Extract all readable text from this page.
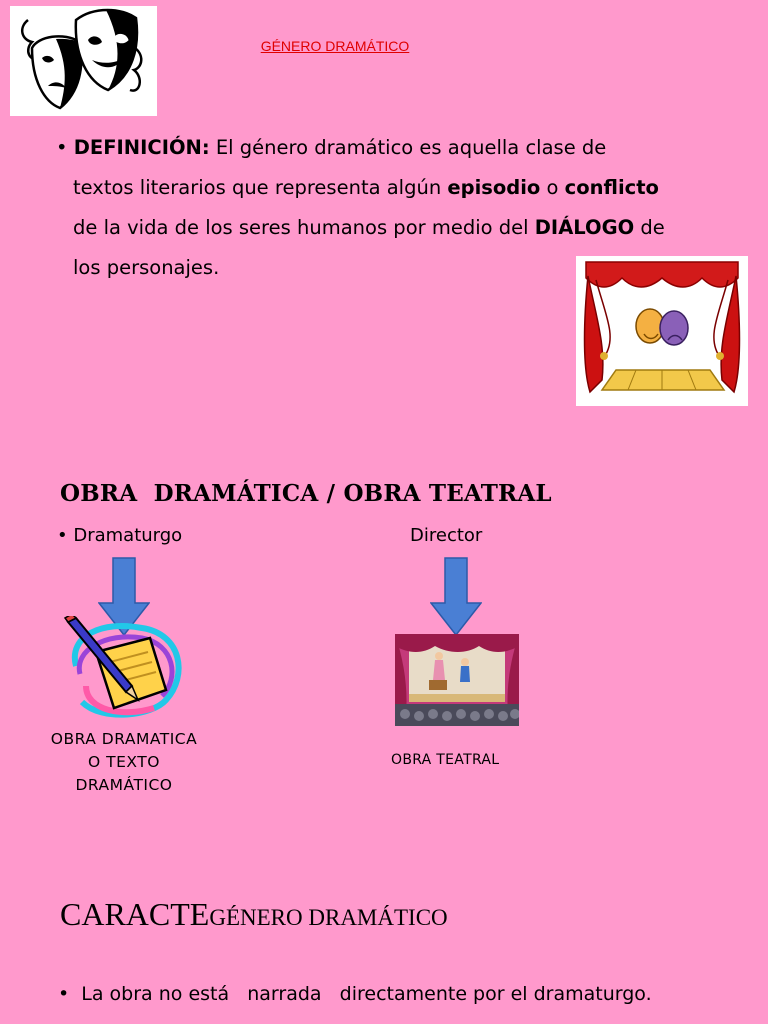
GÉNERO DRAMÁTICO
• DEFINICIÓN: El género dramático es aquella clase de
textos literarios que representa algún episodio o conflicto
de la vida de los seres humanos por medio del DIÁLOGO de
los personajes.
OBRA  DRAMÁTICA / OBRA TEATRAL
• Dramaturgo	Director
OBRA DRAMATICA
O TEXTO
DRAMÁTICO
OBRA TEATRAL
CARACTEGÉNERO DRAMÁTICO
•  La obra no está   narrada   directamente por el dramaturgo.
